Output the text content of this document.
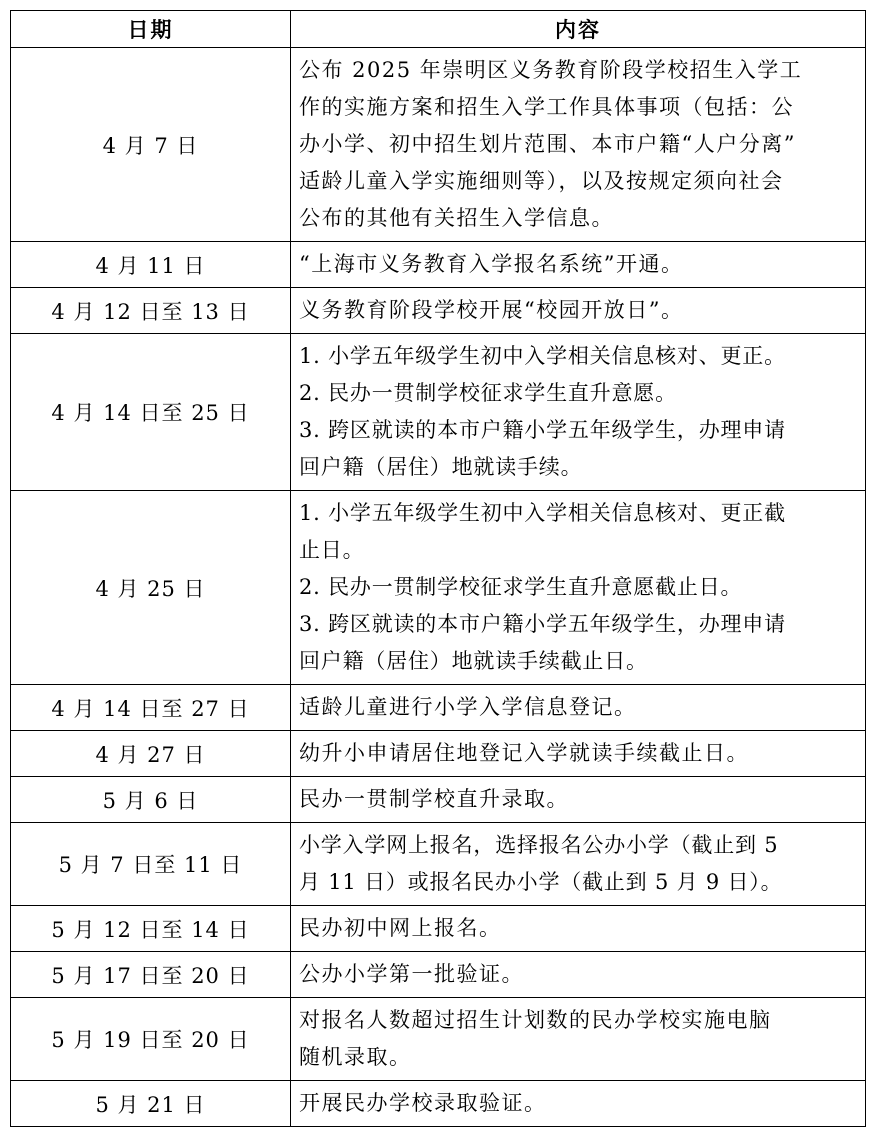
日期	内容
4 月 7 日	公布 2025 年崇明区义务教育阶段学校招生入学工
作的实施方案和招生入学工作具体事项（包括：公
办小学、初中招生划片范围、本市户籍“人户分离”
适龄儿童入学实施细则等），以及按规定须向社会
公布的其他有关招生入学信息。

4 月 11 日	“上海市义务教育入学报名系统”开通。

4 月 12 日至 13 日	义务教育阶段学校开展“校园开放日”。

4 月 14 日至 25 日	1. 小学五年级学生初中入学相关信息核对、更正。
2. 民办一贯制学校征求学生直升意愿。
3. 跨区就读的本市户籍小学五年级学生，办理申请
回户籍（居住）地就读手续。

4 月 25 日	1. 小学五年级学生初中入学相关信息核对、更正截
止日。
2. 民办一贯制学校征求学生直升意愿截止日。
3. 跨区就读的本市户籍小学五年级学生，办理申请
回户籍（居住）地就读手续截止日。

4 月 14 日至 27 日	适龄儿童进行小学入学信息登记。

4 月 27 日	幼升小申请居住地登记入学就读手续截止日。

5 月 6 日	民办一贯制学校直升录取。

5 月 7 日至 11 日	小学入学网上报名，选择报名公办小学（截止到 5
月 11 日）或报名民办小学（截止到 5 月 9 日）。

5 月 12 日至 14 日	民办初中网上报名。

5 月 17 日至 20 日	公办小学第一批验证。

5 月 19 日至 20 日	对报名人数超过招生计划数的民办学校实施电脑
随机录取。

5 月 21 日	开展民办学校录取验证。
